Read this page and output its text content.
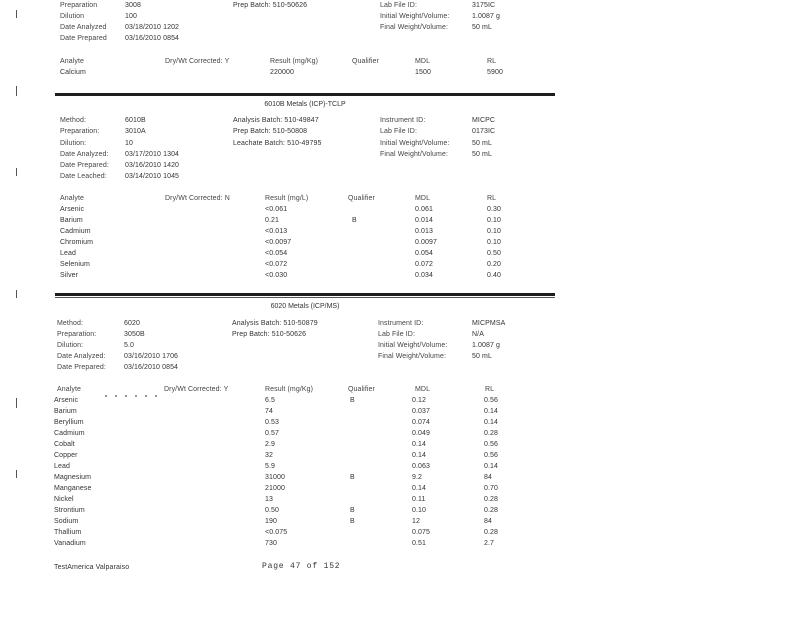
Preparation	3008
Dilution	100
Date Analyzed	03/18/2010 1202
Date Prepared	03/16/2010 0854
Prep Batch: 510-50626	Lab File ID:	3175IC
Initial Weight/Volume:	1.0087 g
Final Weight/Volume:	50 mL
Analyte	Dry/Wt Corrected: Y	Result (mg/Kg)	Qualifier	MDL	RL
Calcium	220000	1500	5900
6010B Metals (ICP)-TCLP
Method:	6010B
Preparation:	3010A
Dilution:	10
Date Analyzed: 03/17/2010 1304
Date Prepared: 03/16/2010 1420
Date Leached:	03/14/2010 1045
Analysis Batch: 510-49847
Prep Batch: 510-50808
Leachate Batch: 510-49795
Instrument ID:	MICPC
Lab File ID:	0173IC
Initial Weight/Volume:	50 mL
Final Weight/Volume:	50 mL
Analyte	Dry/Wt Corrected: N	Result (mg/L)	Qualifier	MDL	RL
Arsenic	<0.061	0.061	0.30
Barium	0.21	B	0.014	0.10
Cadmium	<0.013	0.013	0.10
Chromium	<0.0097	0.0097	0.10
Lead	<0.054	0.054	0.50
Selenium	<0.072	0.072	0.20
Silver	<0.030	0.034	0.40
6020 Metals (ICP/MS)
Method:	6020
Preparation:	3050B
Dilution:	5.0
Date Analyzed:	03/16/2010 1706
Date Prepared:	03/16/2010 0854
Analysis Batch: 510-50879
Prep Batch: 510-50626
Instrument ID:	MICPMSA
Lab File ID:	N/A
Initial Weight/Volume:	1.0087 g
Final Weight/Volume:	50 mL
Analyte	Dry/Wt Corrected: Y	Result (mg/Kg)	Qualifier	MDL	RL
Arsenic	6.5	B	0.12	0.56
Barium	74	0.037	0.14
Beryllium	0.53	0.074	0.14
Cadmium	0.57	0.049	0.28
Cobalt	2.9	0.14	0.56
Copper	32	0.14	0.56
Lead	5.9	0.063	0.14
Magnesium	31000	B	9.2	84
Manganese	21000	0.14	0.70
Nickel	13	0.11	0.28
Strontium	0.50	B	0.10	0.28
Sodium	190	B	12	84
Thallium	<0.075	0.075	0.28
Vanadium	730	0.51	2.7
TestAmerica Valparaiso	Page 47 of 152
